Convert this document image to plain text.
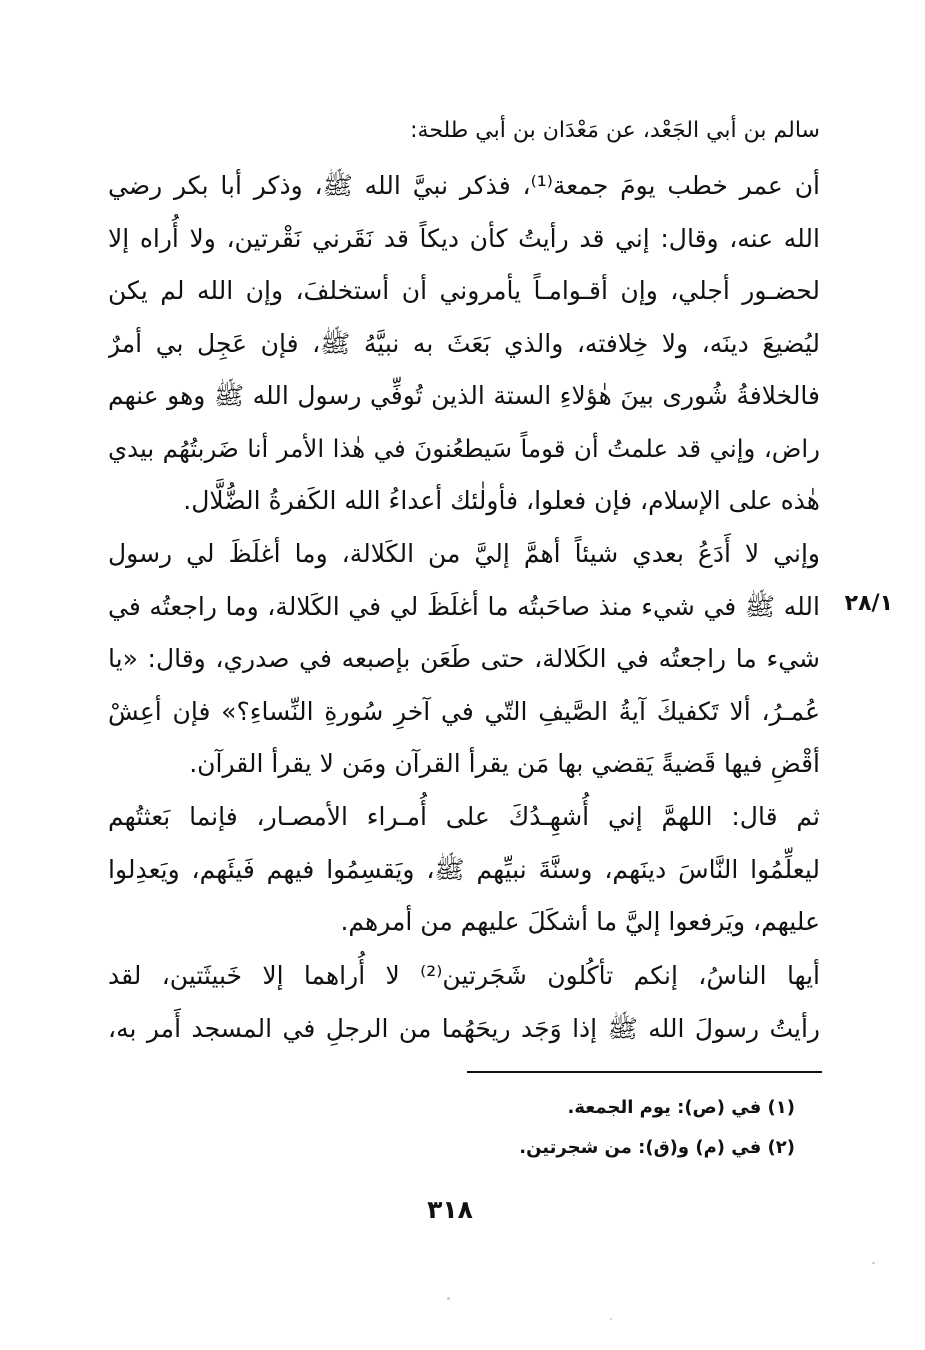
سالم بن أبي الجَعْد، عن مَعْدَان بن أبي طلحة:
أن عمر خطب يومَ جمعة⁽¹⁾، فذكر نبيَّ الله ﷺ، وذكر أبا بكر رضي
الله عنه، وقال: إني قد رأيتُ كأن ديكاً قد نَقَرني نَقْرتين، ولا أُراه إلا
لحضـور أجلي، وإن أقـوامـاً يأمروني أن أستخلفَ، وإن الله لم يكن
ليُضيعَ دينَه، ولا خِلافته، والذي بَعَثَ به نبيَّهُ ﷺ، فإن عَجِل بي أمرٌ
فالخلافةُ شُورى بينَ هٰؤلاءِ الستة الذين تُوفِّي رسول الله ﷺ وهو عنهم
راض، وإني قد علمتُ أن قوماً سَيطعُنونَ في هٰذا الأمر أنا ضَربتُهُم بيدي
هٰذه على الإسلام، فإن فعلوا، فأولٰئك أعداءُ الله الكَفرةُ الضُّلَّال.
٢٨/١
وإني لا أَدَعُ بعدي شيئاً أهمَّ إليَّ من الكَلالة، وما أغلَظَ لي رسول
الله ﷺ في شيء منذ صاحَبتُه ما أغلَظَ لي في الكَلالة، وما راجعتُه في
شيء ما راجعتُه في الكَلالة، حتى طَعَن بإصبعه في صدري، وقال: «يا
عُمـرُ، ألا تَكفيكَ آيةُ الصَّيفِ التّي في آخرِ سُورةِ النِّساءِ؟» فإن أعِشْ
أقْضِ فيها قَضيةً يَقضي بها مَن يقرأ القرآن ومَن لا يقرأ القرآن.
ثم قال: اللهمَّ إني أُشهِـدُكَ على أُمـراء الأمصـار، فإنما بَعثتُهم
ليعلِّمُوا النَّاسَ دينَهم، وسنَّةَ نبيِّهم ﷺ، ويَقسِمُوا فيهم فَيئَهم، ويَعدِلوا
عليهم، ويَرفعوا إليَّ ما أشكَلَ عليهم من أمرهم.
أيها الناسُ، إنكم تأكُلون شَجَرتين⁽²⁾ لا أُراهما إلا خَبيثَتين، لقد
رأيتُ رسولَ الله ﷺ إذا وَجَد ريحَهُما من الرجلِ في المسجد أَمر به،
(١) في (ص): يوم الجمعة.
(٢) في (م) و(ق): من شجرتين.
٣١٨
